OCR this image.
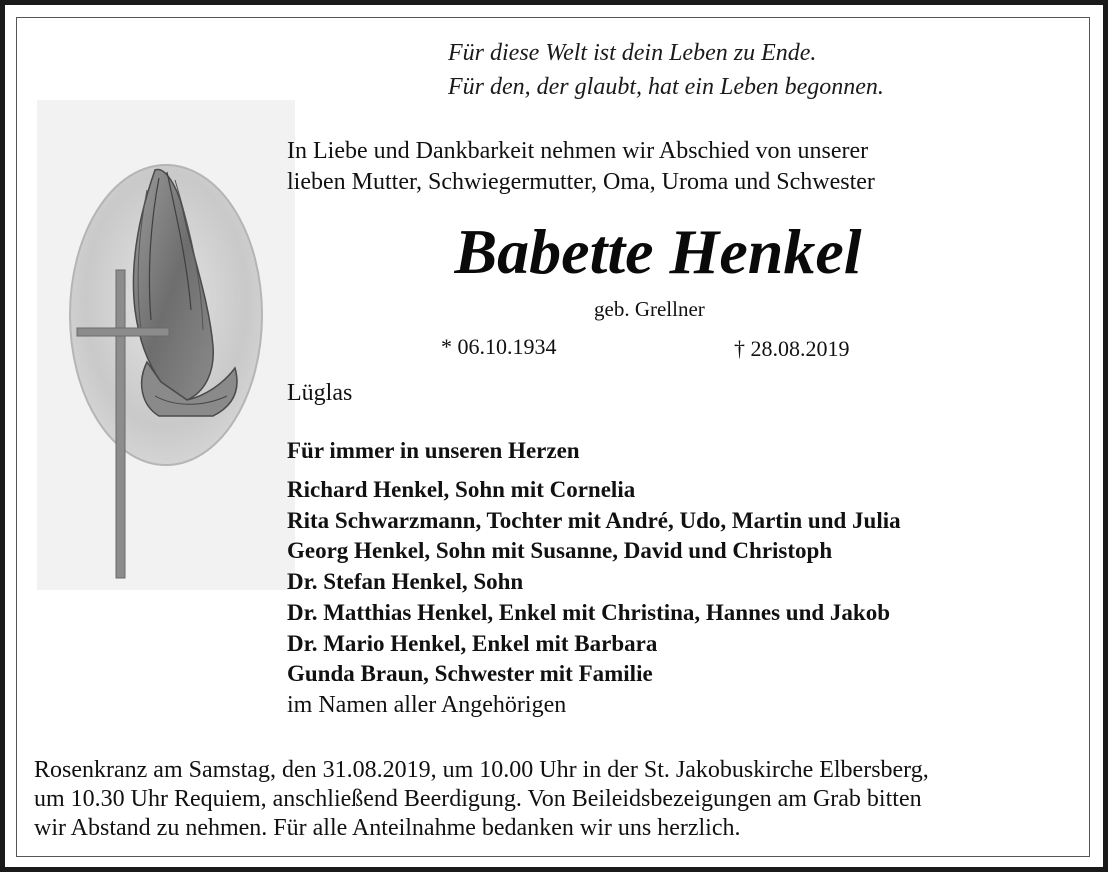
Für diese Welt ist dein Leben zu Ende.
Für den, der glaubt, hat ein Leben begonnen.
In Liebe und Dankbarkeit nehmen wir Abschied von unserer
lieben Mutter, Schwiegermutter, Oma, Uroma und Schwester
Babette Henkel
geb. Grellner
* 06.10.1934	† 28.08.2019
Lüglas
Für immer in unseren Herzen
Richard Henkel, Sohn mit Cornelia
Rita Schwarzmann, Tochter mit André, Udo, Martin und Julia
Georg Henkel, Sohn mit Susanne, David und Christoph
Dr. Stefan Henkel, Sohn
Dr. Matthias Henkel, Enkel mit Christina, Hannes und Jakob
Dr. Mario Henkel, Enkel mit Barbara
Gunda Braun, Schwester mit Familie
im Namen aller Angehörigen
Rosenkranz am Samstag, den 31.08.2019, um 10.00 Uhr in der St. Jakobuskirche Elbersberg,
um 10.30 Uhr Requiem, anschließend Beerdigung. Von Beileidsbezeigungen am Grab bitten
wir Abstand zu nehmen. Für alle Anteilnahme bedanken wir uns herzlich.
